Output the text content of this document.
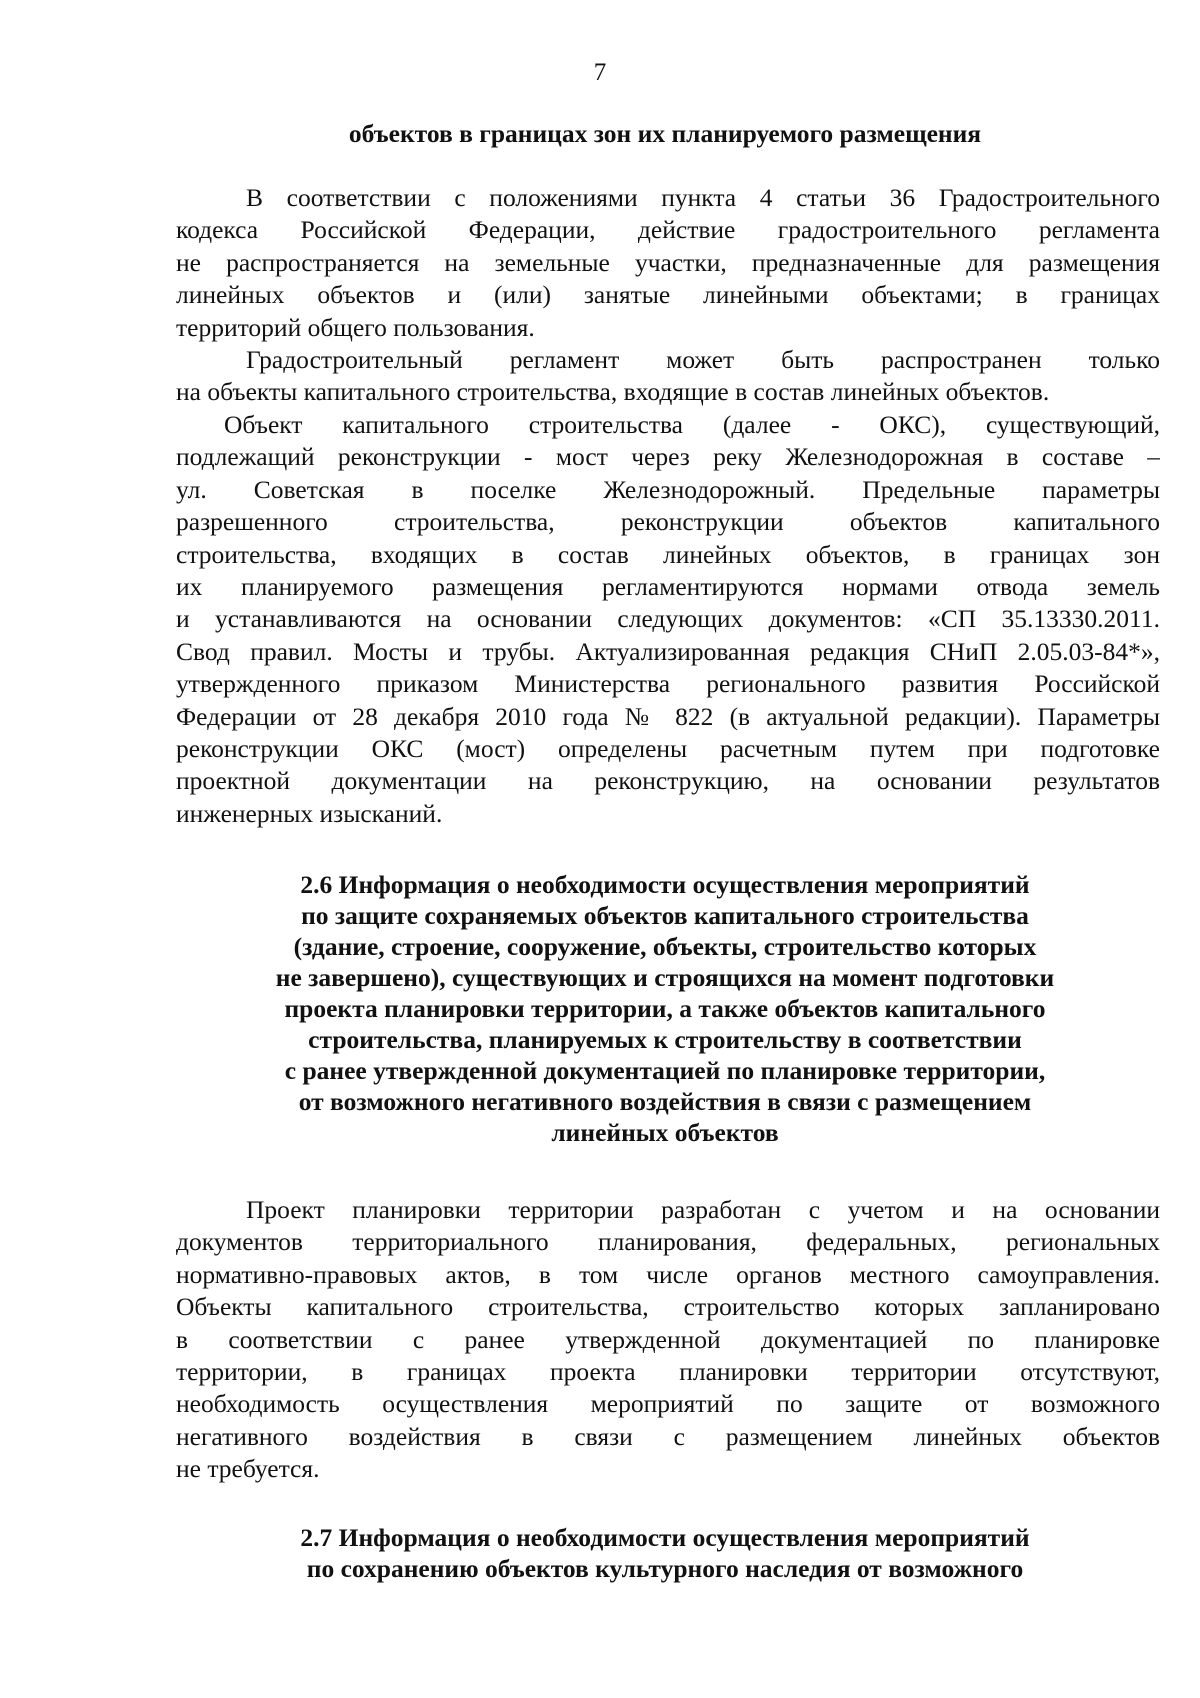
7
объектов в границах зон их планируемого размещения
В соответствии с положениями пункта 4 статьи 36 Градостроительного
кодекса Российской Федерации, действие градостроительного регламента
не распространяется на земельные участки, предназначенные для размещения
линейных объектов и (или) занятые линейными объектами; в границах
территорий общего пользования.
Градостроительный регламент может быть распространен только
на объекты капитального строительства, входящие в состав линейных объектов.
Объект капитального строительства (далее - ОКС), существующий,
подлежащий реконструкции - мост через реку Железнодорожная в составе –
ул. Советская в поселке Железнодорожный. Предельные параметры
разрешенного строительства, реконструкции объектов капитального
строительства, входящих в состав линейных объектов, в границах зон
их планируемого размещения регламентируются нормами отвода земель
и устанавливаются на основании следующих документов: «СП 35.13330.2011.
Свод правил. Мосты и трубы. Актуализированная редакция СНиП 2.05.03-84*»,
утвержденного приказом Министерства регионального развития Российской
Федерации от 28 декабря 2010 года № 822 (в актуальной редакции). Параметры
реконструкции ОКС (мост) определены расчетным путем при подготовке
проектной документации на реконструкцию, на основании результатов
инженерных изысканий.
2.6 Информация о необходимости осуществления мероприятий
по защите сохраняемых объектов капитального строительства
(здание, строение, сооружение, объекты, строительство которых
не завершено), существующих и строящихся на момент подготовки
проекта планировки территории, а также объектов капитального
строительства, планируемых к строительству в соответствии
с ранее утвержденной документацией по планировке территории,
от возможного негативного воздействия в связи с размещением
линейных объектов
Проект планировки территории разработан с учетом и на основании
документов территориального планирования, федеральных, региональных
нормативно-правовых актов, в том числе органов местного самоуправления.
Объекты капитального строительства, строительство которых запланировано
в соответствии с ранее утвержденной документацией по планировке
территории, в границах проекта планировки территории отсутствуют,
необходимость осуществления мероприятий по защите от возможного
негативного воздействия в связи с размещением линейных объектов
не требуется.
2.7 Информация о необходимости осуществления мероприятий
по сохранению объектов культурного наследия от возможного
